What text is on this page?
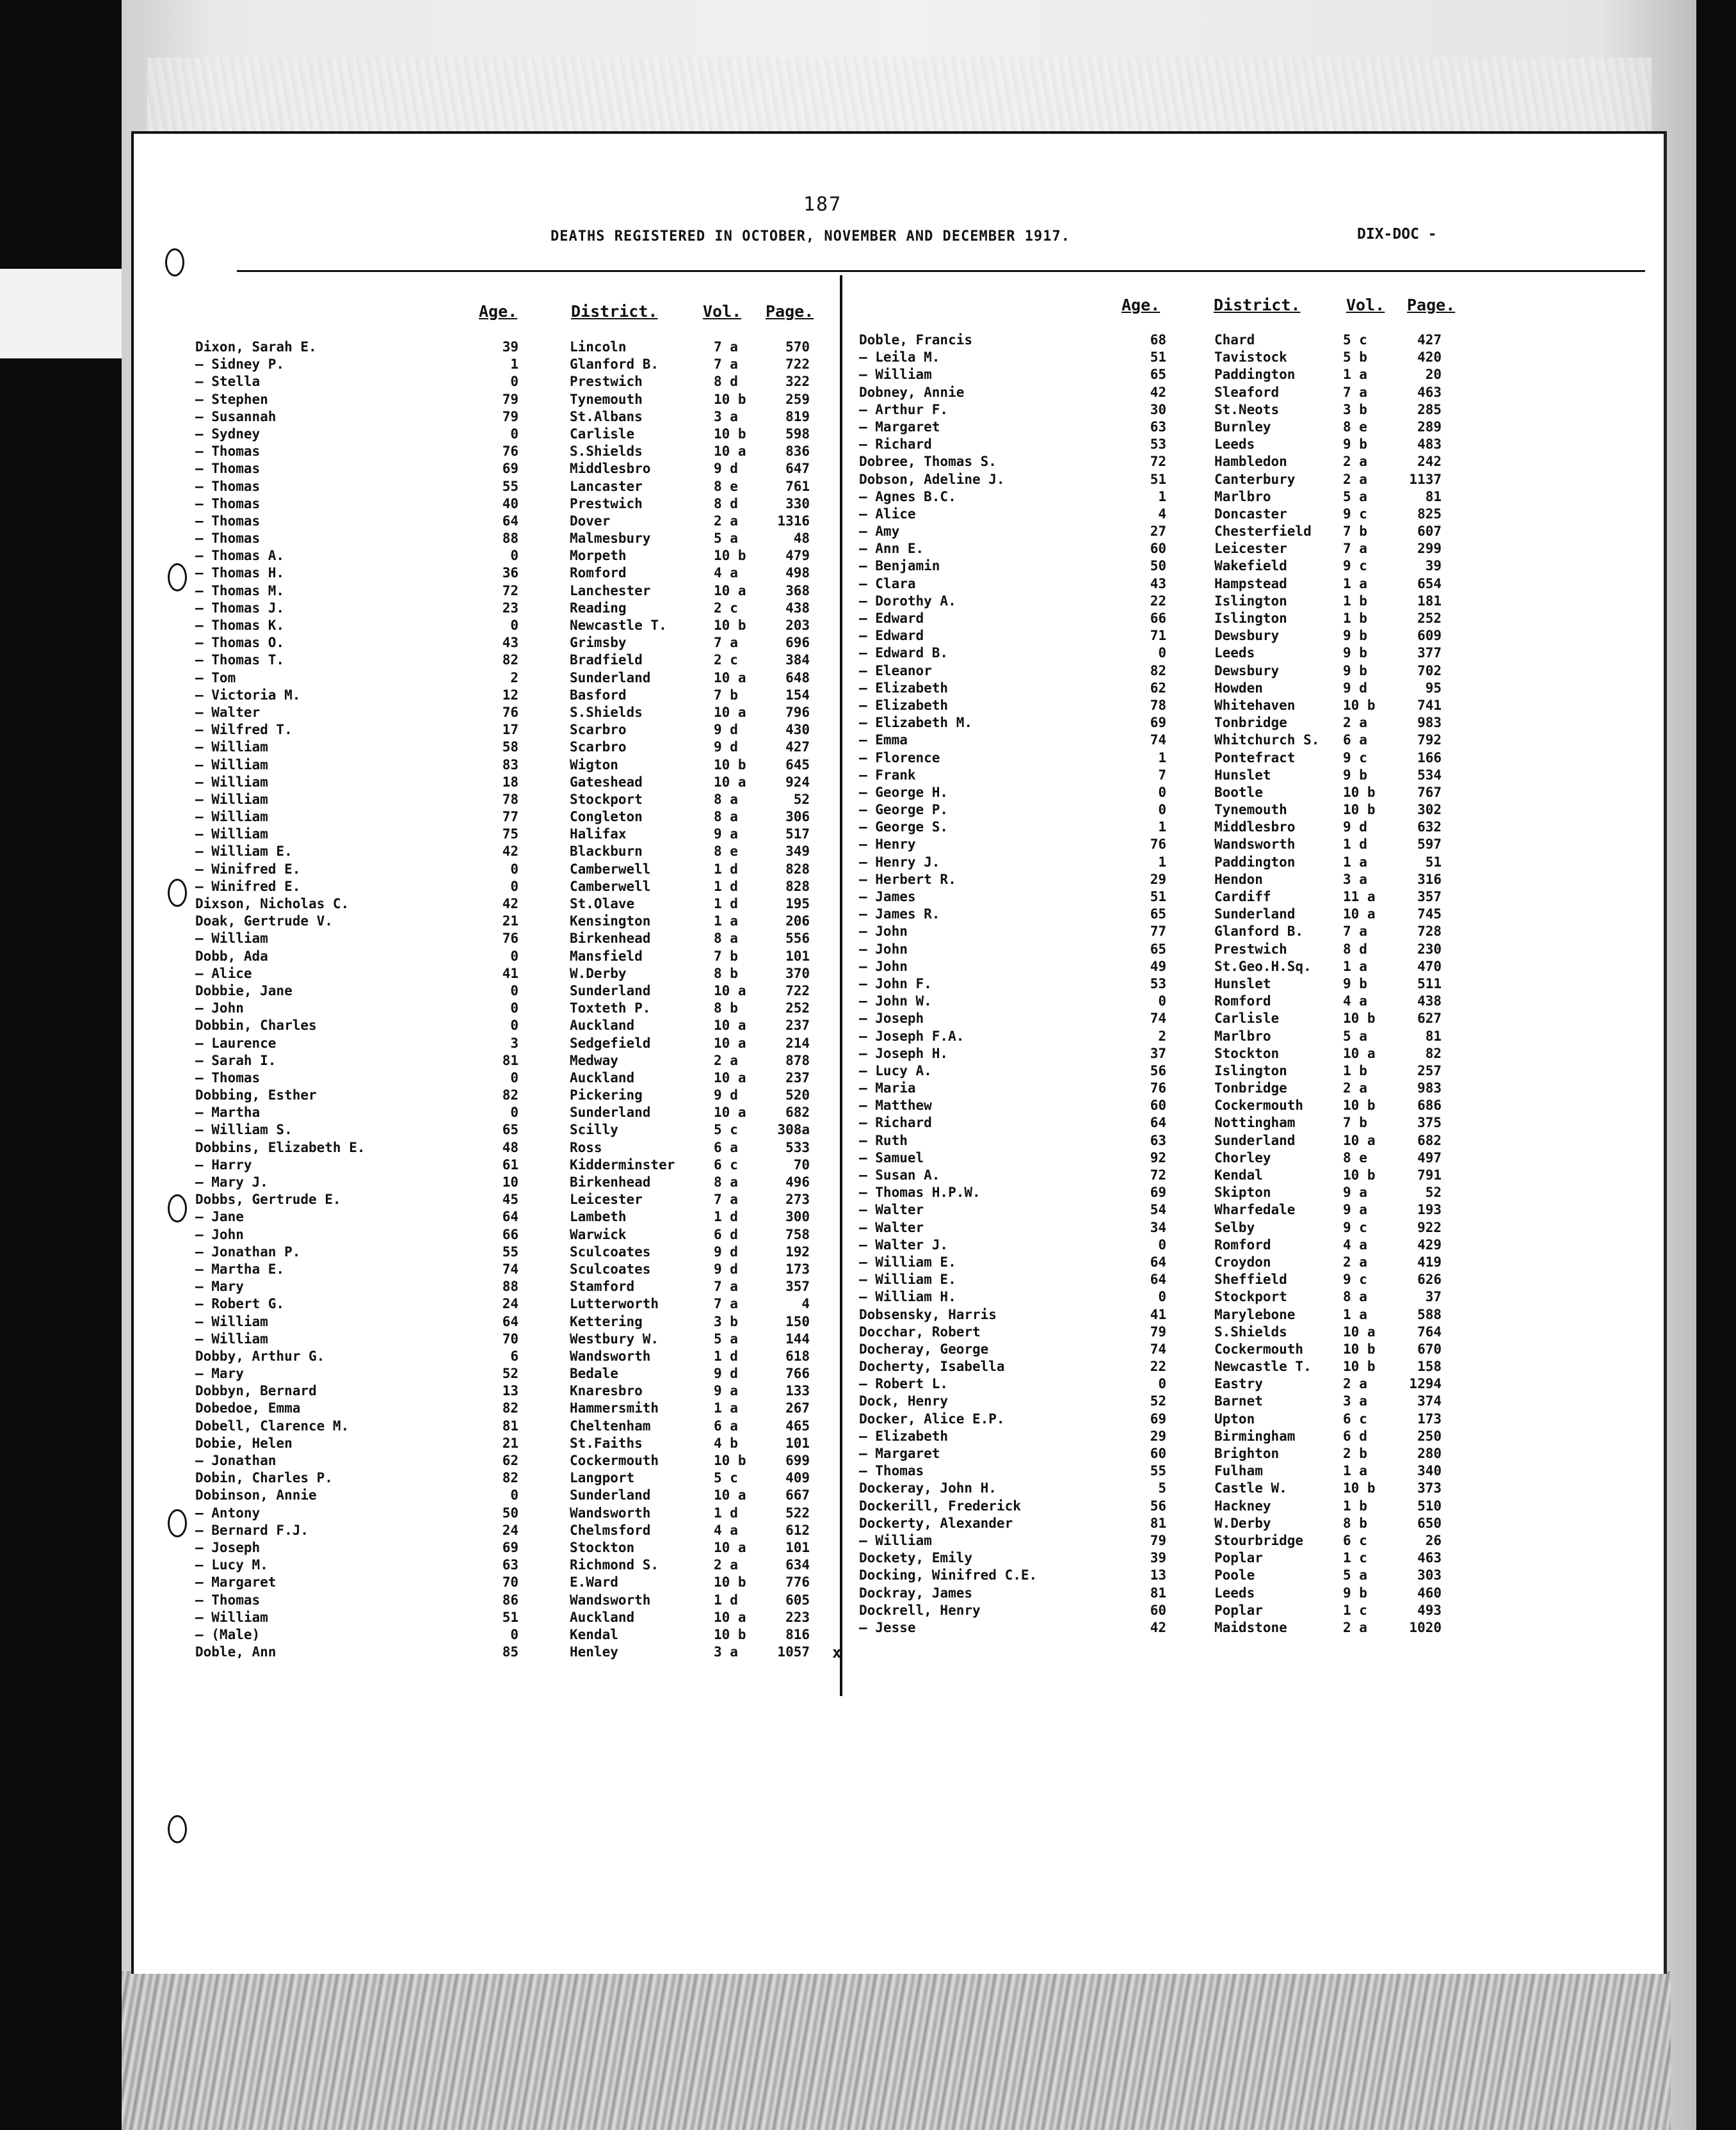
187
DEATHS REGISTERED IN OCTOBER, NOVEMBER AND DECEMBER 1917.	DIX-DOC -
Age.	District.	Vol. Page.	Age.	District.	Vol. Page.
Dixon, Sarah E.	39	Lincoln	7 a	570
— Sidney P.	1	Glanford B.	7 a	722
— Stella	0	Prestwich	8 d	322
— Stephen	79	Tynemouth	10 b	259
— Susannah	79	St.Albans	3 a	819
— Sydney	0	Carlisle	10 b	598
— Thomas	76	S.Shields	10 a	836
— Thomas	69	Middlesbro	9 d	647
— Thomas	55	Lancaster	8 e	761
— Thomas	40	Prestwich	8 d	330
— Thomas	64	Dover	2 a	1316
— Thomas	88	Malmesbury	5 a	48
— Thomas A.	0	Morpeth	10 b	479
— Thomas H.	36	Romford	4 a	498
— Thomas M.	72	Lanchester	10 a	368
— Thomas J.	23	Reading	2 c	438
— Thomas K.	0	Newcastle T.	10 b	203
— Thomas O.	43	Grimsby	7 a	696
— Thomas T.	82	Bradfield	2 c	384
— Tom	2	Sunderland	10 a	648
— Victoria M.	12	Basford	7 b	154
— Walter	76	S.Shields	10 a	796
— Wilfred T.	17	Scarbro	9 d	430
— William	58	Scarbro	9 d	427
— William	83	Wigton	10 b	645
— William	18	Gateshead	10 a	924
— William	78	Stockport	8 a	52
— William	77	Congleton	8 a	306
— William	75	Halifax	9 a	517
— William E.	42	Blackburn	8 e	349
— Winifred E.	0	Camberwell	1 d	828
— Winifred E.	0	Camberwell	1 d	828
Dixson, Nicholas C.	42	St.Olave	1 d	195
Doak, Gertrude V.	21	Kensington	1 a	206
— William	76	Birkenhead	8 a	556
Dobb, Ada	0	Mansfield	7 b	101
— Alice	41	W.Derby	8 b	370
Dobbie, Jane	0	Sunderland	10 a	722
— John	0	Toxteth P.	8 b	252
Dobbin, Charles	0	Auckland	10 a	237
— Laurence	3	Sedgefield	10 a	214
— Sarah I.	81	Medway	2 a	878
— Thomas	0	Auckland	10 a	237
Dobbing, Esther	82	Pickering	9 d	520
— Martha	0	Sunderland	10 a	682
— William S.	65	Scilly	5 c	308a
Dobbins, Elizabeth E.	48	Ross	6 a	533
— Harry	61	Kidderminster	6 c	70
— Mary J.	10	Birkenhead	8 a	496
Dobbs, Gertrude E.	45	Leicester	7 a	273
— Jane	64	Lambeth	1 d	300
— John	66	Warwick	6 d	758
— Jonathan P.	55	Sculcoates	9 d	192
— Martha E.	74	Sculcoates	9 d	173
— Mary	88	Stamford	7 a	357
— Robert G.	24	Lutterworth	7 a	4
— William	64	Kettering	3 b	150
— William	70	Westbury W.	5 a	144
Dobby, Arthur G.	6	Wandsworth	1 d	618
— Mary	52	Bedale	9 d	766
Dobbyn, Bernard	13	Knaresbro	9 a	133
Dobedoe, Emma	82	Hammersmith	1 a	267
Dobell, Clarence M.	81	Cheltenham	6 a	465
Dobie, Helen	21	St.Faiths	4 b	101
— Jonathan	62	Cockermouth	10 b	699
Dobin, Charles P.	82	Langport	5 c	409
Dobinson, Annie	0	Sunderland	10 a	667
— Antony	50	Wandsworth	1 d	522
— Bernard F.J.	24	Chelmsford	4 a	612
— Joseph	69	Stockton	10 a	101
— Lucy M.	63	Richmond S.	2 a	634
— Margaret	70	E.Ward	10 b	776
— Thomas	86	Wandsworth	1 d	605
— William	51	Auckland	10 a	223
— (Male)	0	Kendal	10 b	816
Doble, Ann	85	Henley	3 a	1057
Doble, Francis	68	Chard	5 c	427
— Leila M.	51	Tavistock	5 b	420
— William	65	Paddington	1 a	20
Dobney, Annie	42	Sleaford	7 a	463
— Arthur F.	30	St.Neots	3 b	285
— Margaret	63	Burnley	8 e	289
— Richard	53	Leeds	9 b	483
Dobree, Thomas S.	72	Hambledon	2 a	242
Dobson, Adeline J.	51	Canterbury	2 a	1137
— Agnes B.C.	1	Marlbro	5 a	81
— Alice	4	Doncaster	9 c	825
— Amy	27	Chesterfield 7 b	607
— Ann E.	60	Leicester	7 a	299
— Benjamin	50	Wakefield	9 c	39
— Clara	43	Hampstead	1 a	654
— Dorothy A.	22	Islington	1 b	181
— Edward	66	Islington	1 b	252
— Edward	71	Dewsbury	9 b	609
— Edward B.	0	Leeds	9 b	377
— Eleanor	82	Dewsbury	9 b	702
— Elizabeth	62	Howden	9 d	95
— Elizabeth	78	Whitehaven	10 b	741
— Elizabeth M.	69	Tonbridge	2 a	983
— Emma	74	Whitchurch S. 6 a	792
— Florence	1	Pontefract	9 c	166
— Frank	7	Hunslet	9 b	534
— George H.	0	Bootle	10 b	767
— George P.	0	Tynemouth	10 b	302
— George S.	1	Middlesbro	9 d	632
— Henry	76	Wandsworth	1 d	597
— Henry J.	1	Paddington	1 a	51
— Herbert R.	29	Hendon	3 a	316
— James	51	Cardiff	11 a	357
— James R.	65	Sunderland	10 a	745
— John	77	Glanford B.	7 a	728
— John	65	Prestwich	8 d	230
— John	49	St.Geo.H.Sq. 1 a	470
— John F.	53	Hunslet	9 b	511
— John W.	0	Romford	4 a	438
— Joseph	74	Carlisle	10 b	627
— Joseph F.A.	2	Marlbro	5 a	81
— Joseph H.	37	Stockton	10 a	82
— Lucy A.	56	Islington	1 b	257
— Maria	76	Tonbridge	2 a	983
— Matthew	60	Cockermouth	10 b	686
— Richard	64	Nottingham	7 b	375
— Ruth	63	Sunderland	10 a	682
— Samuel	92	Chorley	8 e	497
— Susan A.	72	Kendal	10 b	791
— Thomas H.P.W.	69	Skipton	9 a	52
— Walter	54	Wharfedale	9 a	193
— Walter	34	Selby	9 c	922
— Walter J.	0	Romford	4 a	429
— William E.	64	Croydon	2 a	419
— William E.	64	Sheffield	9 c	626
— William H.	0	Stockport	8 a	37
Dobsensky, Harris	41	Marylebone	1 a	588
Docchar, Robert	79	S.Shields	10 a	764
Docheray, George	74	Cockermouth	10 b	670
Docherty, Isabella	22	Newcastle T. 10 b	158
— Robert L.	0	Eastry	2 a	1294
Dock, Henry	52	Barnet	3 a	374
Docker, Alice E.P.	69	Upton	6 c	173
— Elizabeth	29	Birmingham	6 d	250
— Margaret	60	Brighton	2 b	280
— Thomas	55	Fulham	1 a	340
Dockeray, John H.	5	Castle W.	10 b	373
Dockerill, Frederick	56	Hackney	1 b	510
Dockerty, Alexander	81	W.Derby	8 b	650
— William	79	Stourbridge	6 c	26
Dockety, Emily	39	Poplar	1 c	463
Docking, Winifred C.E.	13	Poole	5 a	303
Dockray, James	81	Leeds	9 b	460
Dockrell, Henry	60	Poplar	1 c	493
— Jesse	42	Maidstone	2 a	1020
x
